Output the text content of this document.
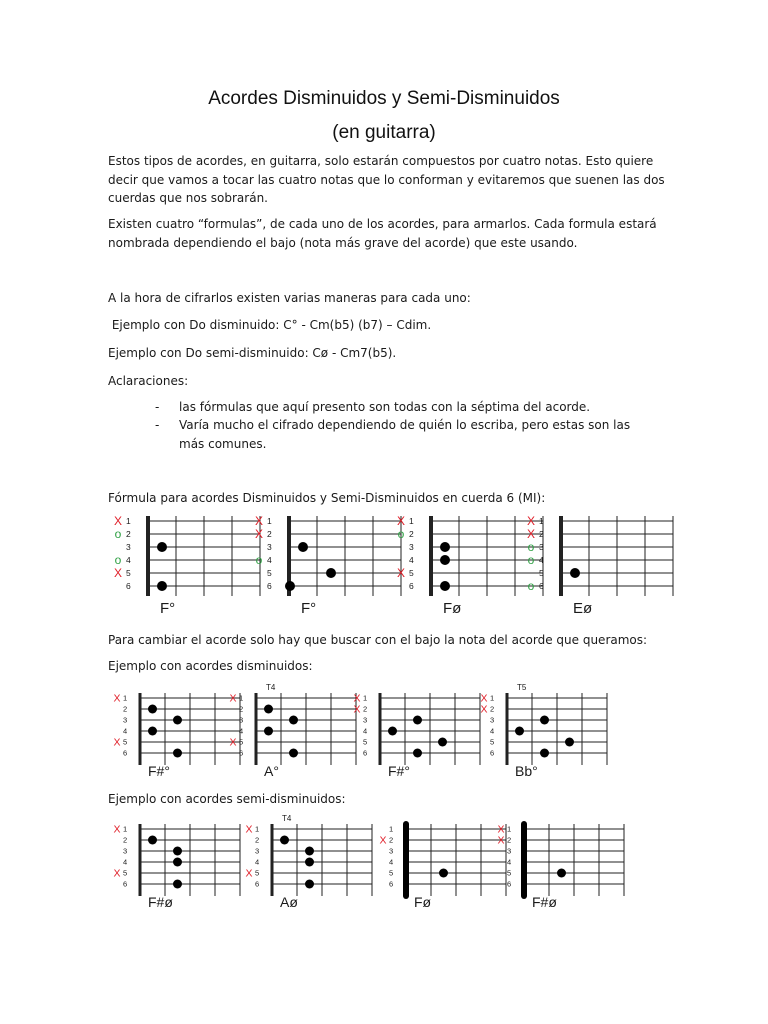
Acordes Disminuidos y Semi-Disminuidos
(en guitarra)
Estos tipos de acordes, en guitarra, solo estarán compuestos por cuatro notas. Esto quiere decir que vamos a tocar las cuatro notas que lo conforman y evitaremos que suenen las dos cuerdas que nos sobrarán.
Existen cuatro “formulas”, de cada uno de los acordes, para armarlos. Cada formula estará nombrada dependiendo el bajo (nota más grave del acorde) que este usando.
A la hora de cifrarlos existen varias maneras para cada uno:
Ejemplo con Do disminuido: C° - Cm(b5) (b7) – Cdim.
Ejemplo con Do semi-disminuido: Cø - Cm7(b5).
Aclaraciones:
- las fórmulas que aquí presento son todas con la séptima del acorde.
- Varía mucho el cifrado dependiendo de quién lo escriba, pero estas son las más comunes.
Fórmula para acordes Disminuidos y Semi-Disminuidos en cuerda 6 (MI):
1
X
2
o
3
4
o
5
X
6
F°
1
X
2
X
3
4
o
5
6
F°
1
X
2
o
3
4
5
X
6
Fø
1
X
2
X
3
o
4
o
5
6
o
Eø
Para cambiar el acorde solo hay que buscar con el bajo la nota del acorde que queramos:
Ejemplo con acordes disminuidos:
1
X
2
3
4
5
X
6
F#°
1
X
2
3
4
5
X
6
T4
A°
1
X
2
X
3
4
5
6
F#°
1
X
2
X
3
4
5
6
T5
Bb°
Ejemplo con acordes semi-disminuidos:
1
X
2
3
4
5
X
6
F#ø
1
X
2
3
4
5
X
6
T4
Aø
1
2
X
3
4
5
6
Fø
1
X
2
X
3
4
5
6
F#ø
